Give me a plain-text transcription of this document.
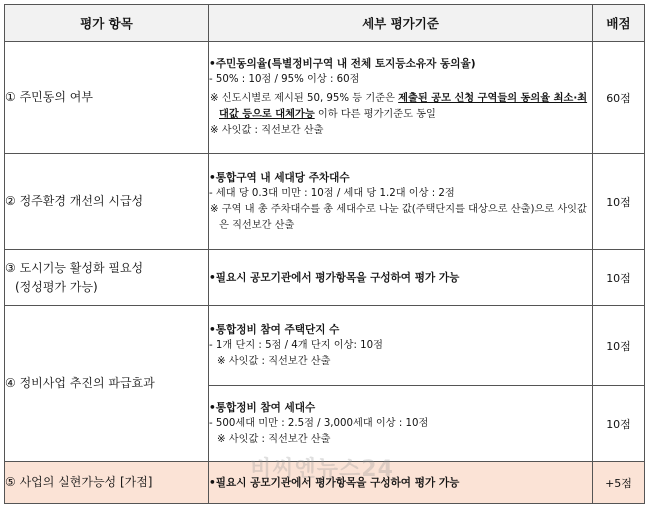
평가 항목	세부 평가기준	배점
① 주민동의 여부	•주민동의율(특별정비구역 내 전체 토지등소유자 동의율)
- 50% : 10점 / 95% 이상 : 60점
※ 신도시별로 제시된 50, 95% 등 기준은 제출된 공모 신청 구역들의 동의율 최소·최대값 등으로 대체가능 이하 다른 평가기준도 동일
※ 사잇값 : 직선보간 산출	60점
② 정주환경 개선의 시급성	•통합구역 내 세대당 주차대수
- 세대 당 0.3대 미만 : 10점 / 세대 당 1.2대 이상 : 2점
※ 구역 내 총 주차대수를 총 세대수로 나눈 값(주택단지를 대상으로 산출)으로 사잇값은 직선보간 산출	10점

③ 도시기능 활성화 필요성
(정성평가 가능)	•필요시 공모기관에서 평가항목을 구성하여 평가 가능	10점
④ 정비사업 추진의 파급효과	•통합정비 참여 주택단지 수
- 1개 단지 : 5점 / 4개 단지 이상: 10점
※ 사잇값 : 직선보간 산출	10점

	•통합정비 참여 세대수
- 500세대 미만 : 2.5점 / 3,000세대 이상 : 10점
※ 사잇값 : 직선보간 산출	10점
⑤ 사업의 실현가능성 [가점]	•필요시 공모기관에서 평가항목을 구성하여 평가 가능	+5점
비씨엔뉴스24
